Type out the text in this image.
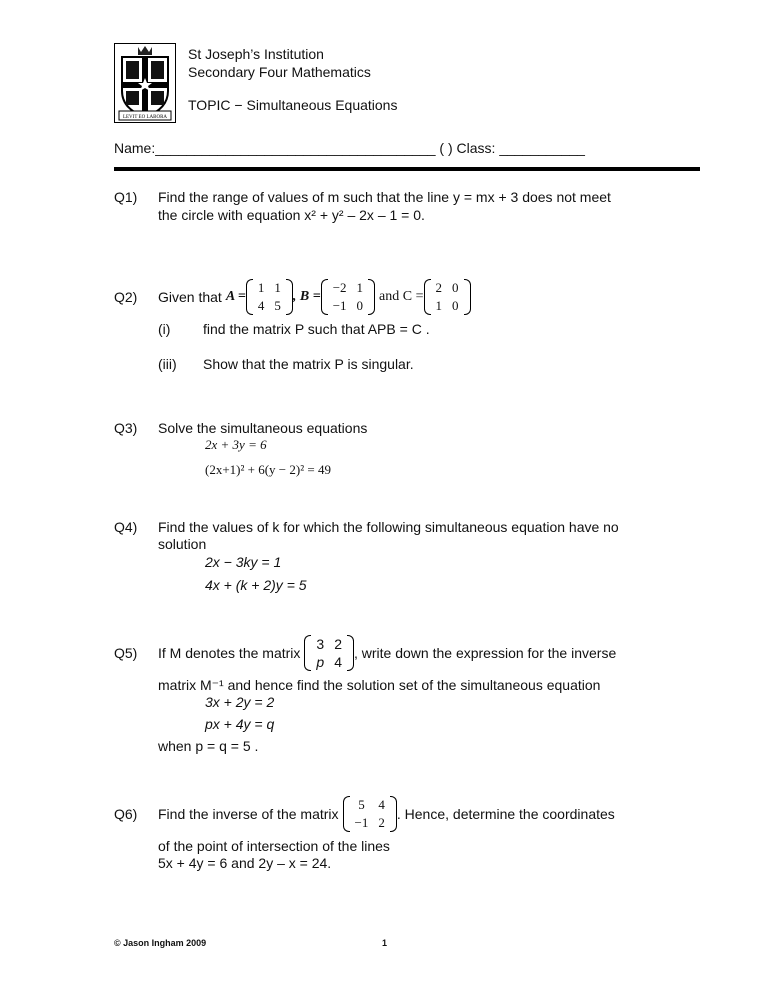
LEVIT EO LABORA
St Joseph’s Institution
Secondary Four Mathematics
TOPIC − Simultaneous Equations
Name:____________________________________ ( ) Class: ___________
Q1) Find the range of values of m such that the line y = mx + 3 does not meet
the circle with equation x² + y² – 2x – 1 = 0.
Q2) Given that A =
1	1
4	5
, B =
−2	1
−1	0
and C =
2	0
1	0
(i) find the matrix P such that APB = C .
(iii) Show that the matrix P is singular.
Q3) Solve the simultaneous equations
2x + 3y = 6
(2x+1)² + 6(y − 2)² = 49
Q4) Find the values of k for which the following simultaneous equation have no
solution
2x − 3ky = 1
4x + (k + 2)y = 5
Q5) If M denotes the matrix
3	2
p	4
, write down the expression for the inverse
matrix M⁻¹ and hence find the solution set of the simultaneous equation
3x + 2y = 2
px + 4y = q
when p = q = 5 .
Q6) Find the inverse of the matrix
5	4
−1	2
. Hence, determine the coordinates
of the point of intersection of the lines
5x + 4y = 6 and 2y – x = 24.
© Jason Ingham 2009	1
